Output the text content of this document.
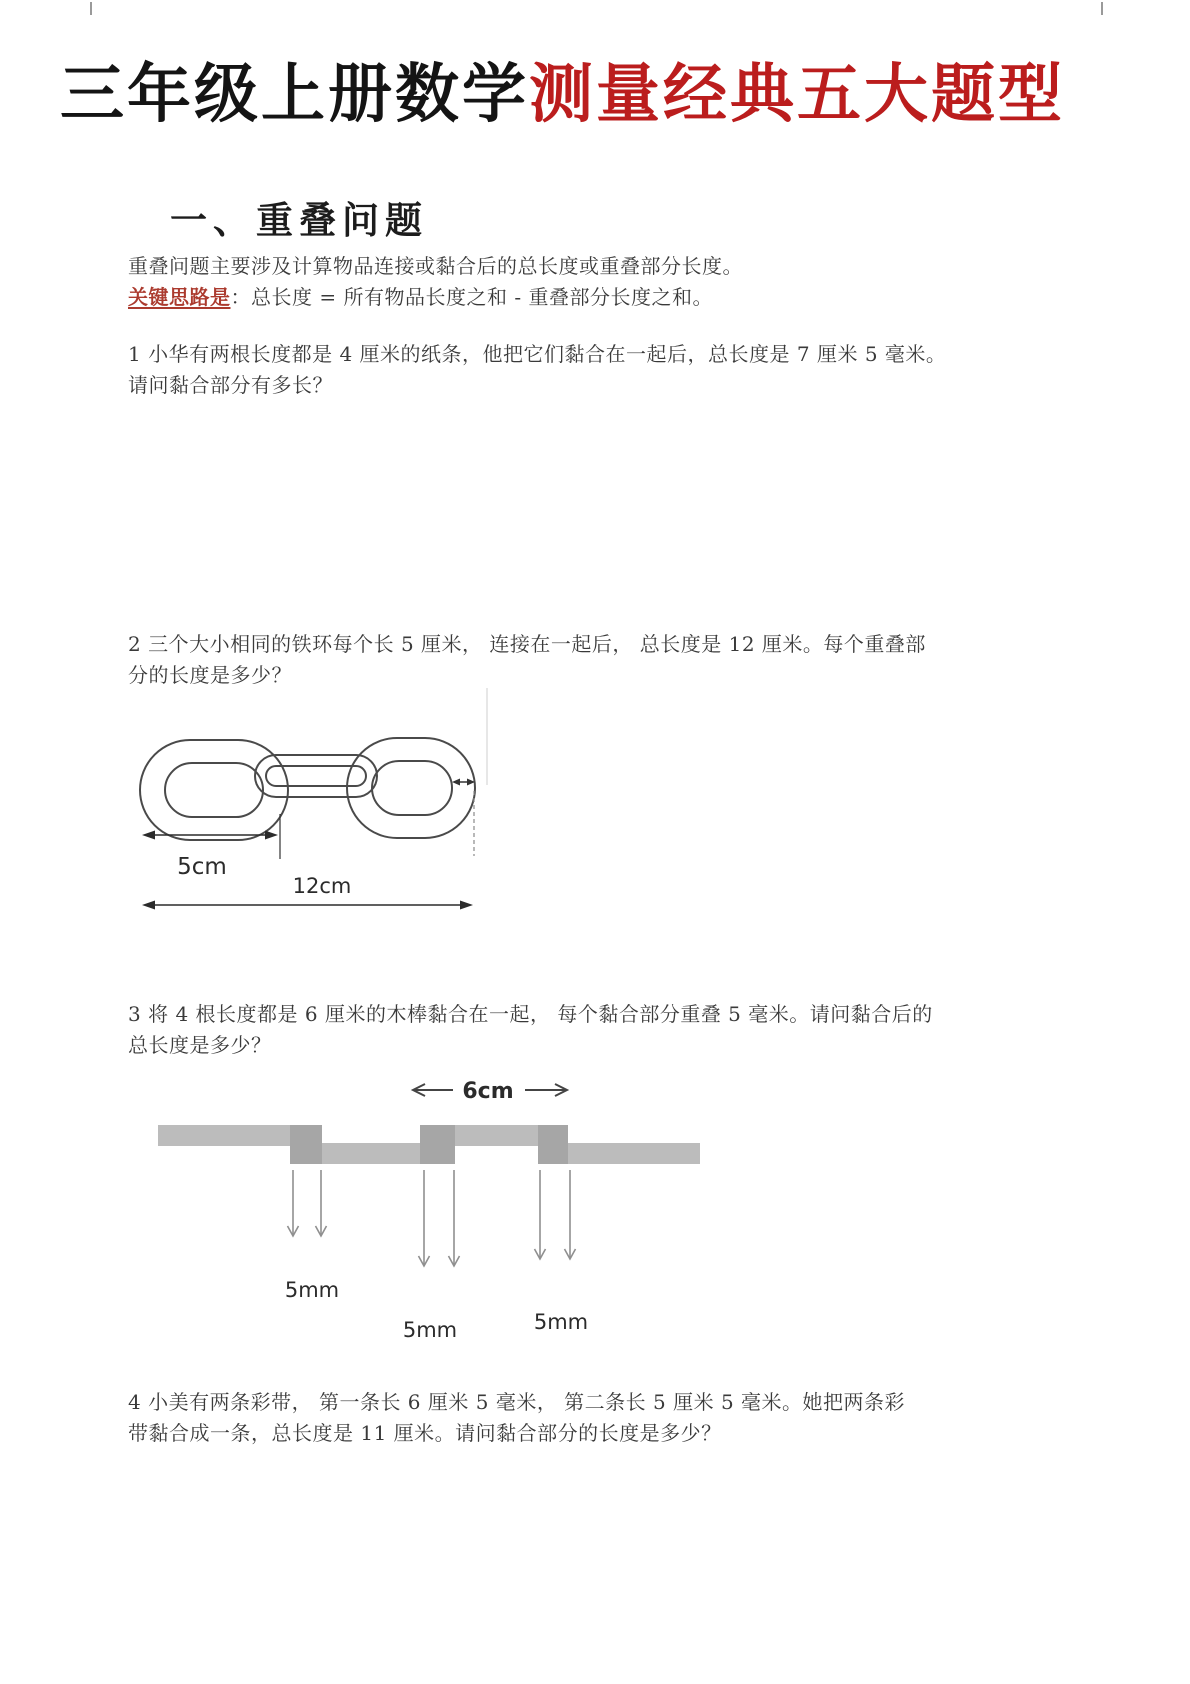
三年级上册数学测量经典五大题型
一、重叠问题
重叠问题主要涉及计算物品连接或黏合后的总长度或重叠部分长度。
关键思路是：总长度 = 所有物品长度之和 - 重叠部分长度之和。
1 小华有两根长度都是 4 厘米的纸条，他把它们黏合在一起后，总长度是 7 厘米 5 毫米。
请问黏合部分有多长？
2 三个大小相同的铁环每个长 5 厘米， 连接在一起后， 总长度是 12 厘米。每个重叠部
分的长度是多少？
5cm
12cm
3 将 4 根长度都是 6 厘米的木棒黏合在一起， 每个黏合部分重叠 5 毫米。请问黏合后的
总长度是多少？
6cm
5mm
5mm	5mm
4 小美有两条彩带， 第一条长 6 厘米 5 毫米， 第二条长 5 厘米 5 毫米。她把两条彩
带黏合成一条，总长度是 11 厘米。请问黏合部分的长度是多少？
